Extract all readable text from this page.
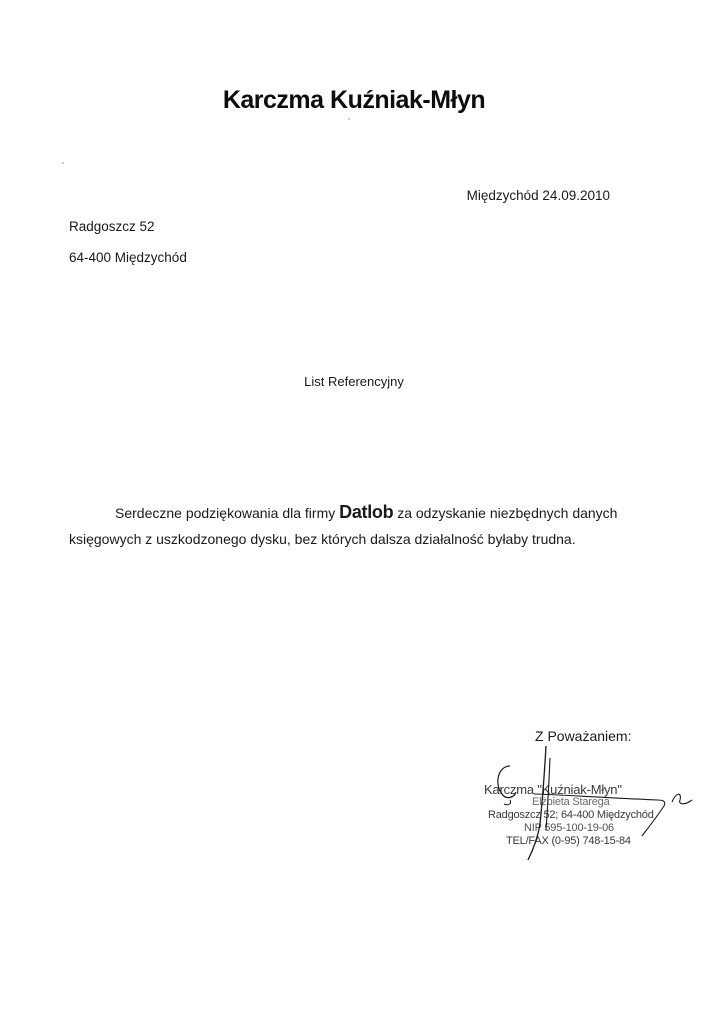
Karczma Kuźniak-Młyn
Międzychód 24.09.2010
Radgoszcz 52
64-400 Międzychód
List Referencyjny
Serdeczne podziękowania dla firmy Datlob za odzyskanie niezbędnych danych
księgowych z uszkodzonego dysku, bez których dalsza działalność byłaby trudna.
Z Poważaniem:
Karczma "Kuźniak-Młyn"
Elżbieta Starega
Radgoszcz 52; 64-400 Międzychód
NIP 595-100-19-06
TEL/FAX (0-95) 748-15-84
